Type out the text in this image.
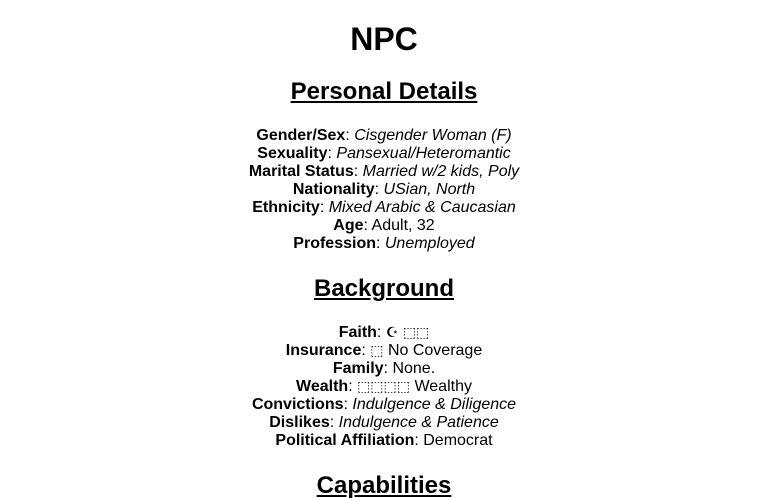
NPC
Personal Details
Gender/Sex: Cisgender Woman (F)
Sexuality: Pansexual/Heteromantic
Marital Status: Married w/2 kids, Poly
Nationality: USian, North
Ethnicity: Mixed Arabic & Caucasian
Age: Adult, 32
Profession: Unemployed
Background
Faith: ☪ ⬚⬚
Insurance: ⬚ No Coverage
Family: None.
Wealth: ⬚⬚⬚⬚ Wealthy
Convictions: Indulgence & Diligence
Dislikes: Indulgence & Patience
Political Affiliation: Democrat
Capabilities
